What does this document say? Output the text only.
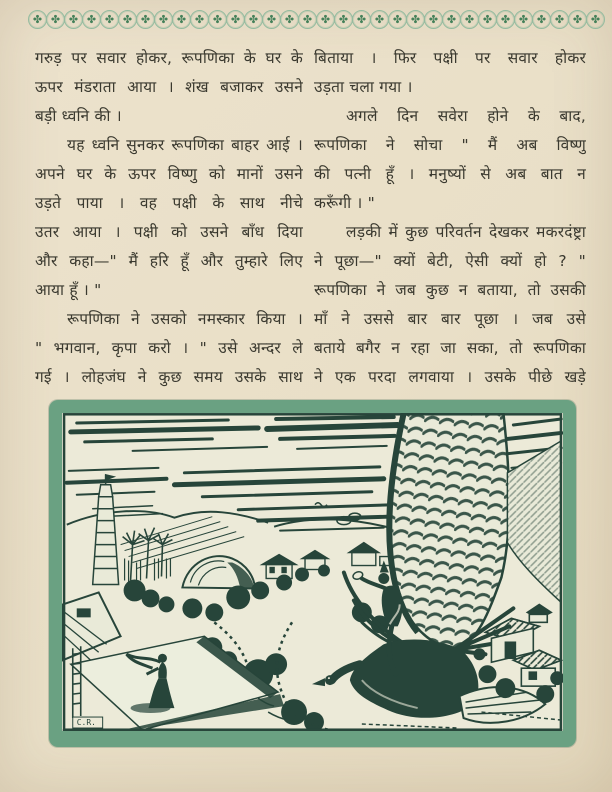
✤ ✤ ✤ ✤ ✤ ✤ ✤ ✤ ✤ ✤ ✤ ✤ ✤ ✤ ✤ ✤ ✤ ✤ ✤ ✤ ✤ ✤ ✤ ✤ ✤ ✤ ✤ ✤ ✤ ✤ ✤ ✤
गरुड़ पर सवार होकर, रूपणिका के घर के
ऊपर मंडराता आया । शंख बजाकर उसने
बड़ी ध्वनि की ।
यह ध्वनि सुनकर रूपणिका बाहर आई ।
अपने घर के ऊपर विष्णु को मानों उसने
उड़ते पाया । वह पक्षी के साथ नीचे
उतर आया । पक्षी को उसने बाँध दिया
और कहा—" मैं हरि हूँ और तुम्हारे लिए
आया हूँ । "
रूपणिका ने उसको नमस्कार किया ।
" भगवान, कृपा करो । " उसे अन्दर ले
गई । लोहजंघ ने कुछ समय उसके साथ
बिताया । फिर पक्षी पर सवार होकर
उड़ता चला गया ।
अगले दिन सवेरा होने के बाद,
रूपणिका ने सोचा " मैं अब विष्णु
की पत्नी हूँ । मनुष्यों से अब बात न
करूँगी । "
लड़की में कुछ परिवर्तन देखकर मकरदंष्ट्रा
ने पूछा—" क्यों बेटी, ऐसी क्यों हो ? "
रूपणिका ने जब कुछ न बताया, तो उसकी
माँ ने उससे बार बार पूछा । जब उसे
बताये बगैर न रहा जा सका, तो रूपणिका
ने एक परदा लगवाया । उसके पीछे खड़े
C.R.
